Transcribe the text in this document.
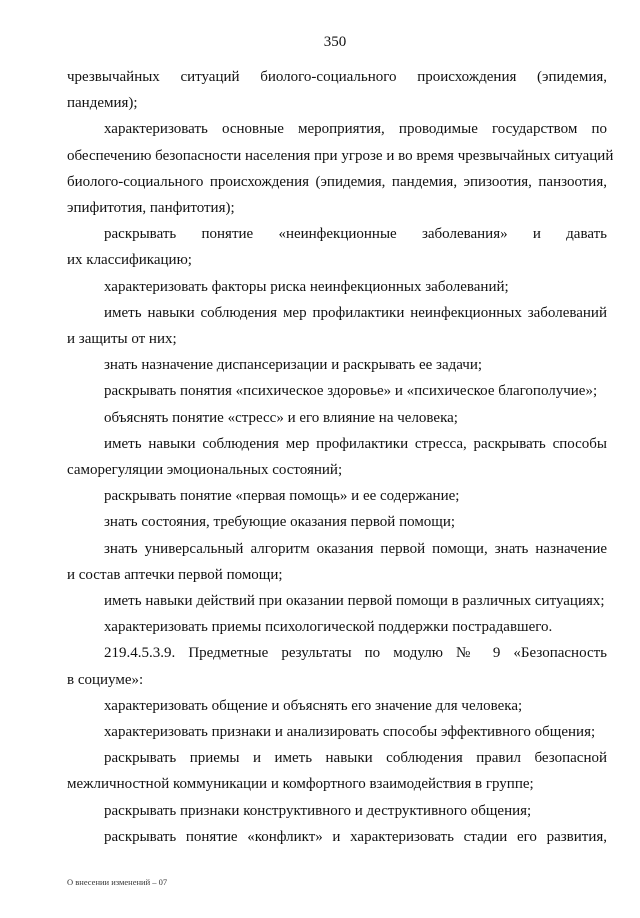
350
чрезвычайных ситуаций биолого-социального происхождения (эпидемия,
пандемия);
характеризовать основные мероприятия, проводимые государством по
обеспечению безопасности населения при угрозе и во время чрезвычайных ситуаций
биолого-социального происхождения (эпидемия, пандемия, эпизоотия, панзоотия,
эпифитотия, панфитотия);
раскрывать понятие «неинфекционные заболевания» и давать
их классификацию;
характеризовать факторы риска неинфекционных заболеваний;
иметь навыки соблюдения мер профилактики неинфекционных заболеваний
и защиты от них;
знать назначение диспансеризации и раскрывать ее задачи;
раскрывать понятия «психическое здоровье» и «психическое благополучие»;
объяснять понятие «стресс» и его влияние на человека;
иметь навыки соблюдения мер профилактики стресса, раскрывать способы
саморегуляции эмоциональных состояний;
раскрывать понятие «первая помощь» и ее содержание;
знать состояния, требующие оказания первой помощи;
знать универсальный алгоритм оказания первой помощи, знать назначение
и состав аптечки первой помощи;
иметь навыки действий при оказании первой помощи в различных ситуациях;
характеризовать приемы психологической поддержки пострадавшего.
219.4.5.3.9. Предметные результаты по модулю № 9 «Безопасность
в социуме»:
характеризовать общение и объяснять его значение для человека;
характеризовать признаки и анализировать способы эффективного общения;
раскрывать приемы и иметь навыки соблюдения правил безопасной
межличностной коммуникации и комфортного взаимодействия в группе;
раскрывать признаки конструктивного и деструктивного общения;
раскрывать понятие «конфликт» и характеризовать стадии его развития,
О внесении изменений – 07
